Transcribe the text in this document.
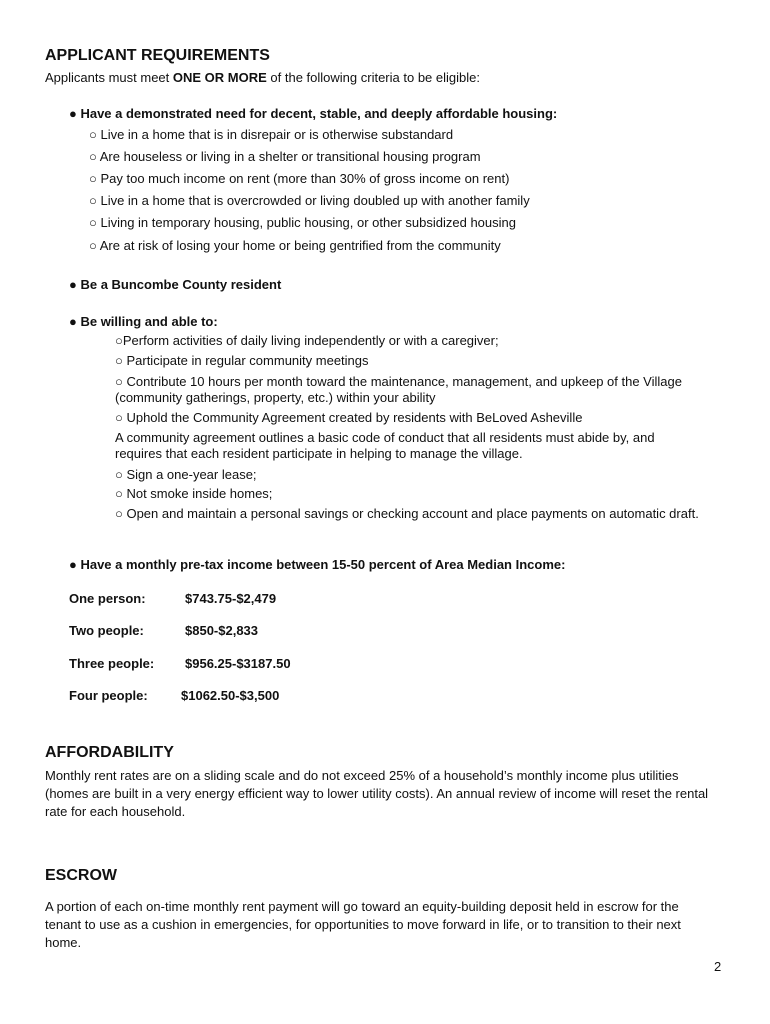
APPLICANT REQUIREMENTS
Applicants must meet ONE OR MORE of the following criteria to be eligible:
● Have a demonstrated need for decent, stable, and deeply affordable housing:
○ Live in a home that is in disrepair or is otherwise substandard
○ Are houseless or living in a shelter or transitional housing program
○ Pay too much income on rent (more than 30% of gross income on rent)
○ Live in a home that is overcrowded or living doubled up with another family
○ Living in temporary housing, public housing, or other subsidized housing
○ Are at risk of losing your home or being gentrified from the community
● Be a Buncombe County resident
● Be willing and able to:
○Perform activities of daily living independently or with a caregiver;
○ Participate in regular community meetings
○ Contribute 10 hours per month toward the maintenance, management, and upkeep of the Village (community gatherings, property, etc.) within your ability
○ Uphold the Community Agreement created by residents with BeLoved Asheville
A community agreement outlines a basic code of conduct that all residents must abide by, and requires that each resident participate in helping to manage the village.
○ Sign a one-year lease;
○ Not smoke inside homes;
○ Open and maintain a personal savings or checking account and place payments on automatic draft.
● Have a monthly pre-tax income between 15-50 percent of Area Median Income:
One person:	$743.75-$2,479
Two people:	$850-$2,833
Three people: $956.25-$3187.50
Four people:	$1062.50-$3,500
AFFORDABILITY
Monthly rent rates are on a sliding scale and do not exceed 25% of a household’s monthly income plus utilities (homes are built in a very energy efficient way to lower utility costs). An annual review of income will reset the rental rate for each household.
ESCROW
A portion of each on-time monthly rent payment will go toward an equity-building deposit held in escrow for the tenant to use as a cushion in emergencies, for opportunities to move forward in life, or to transition to their next home.
2
